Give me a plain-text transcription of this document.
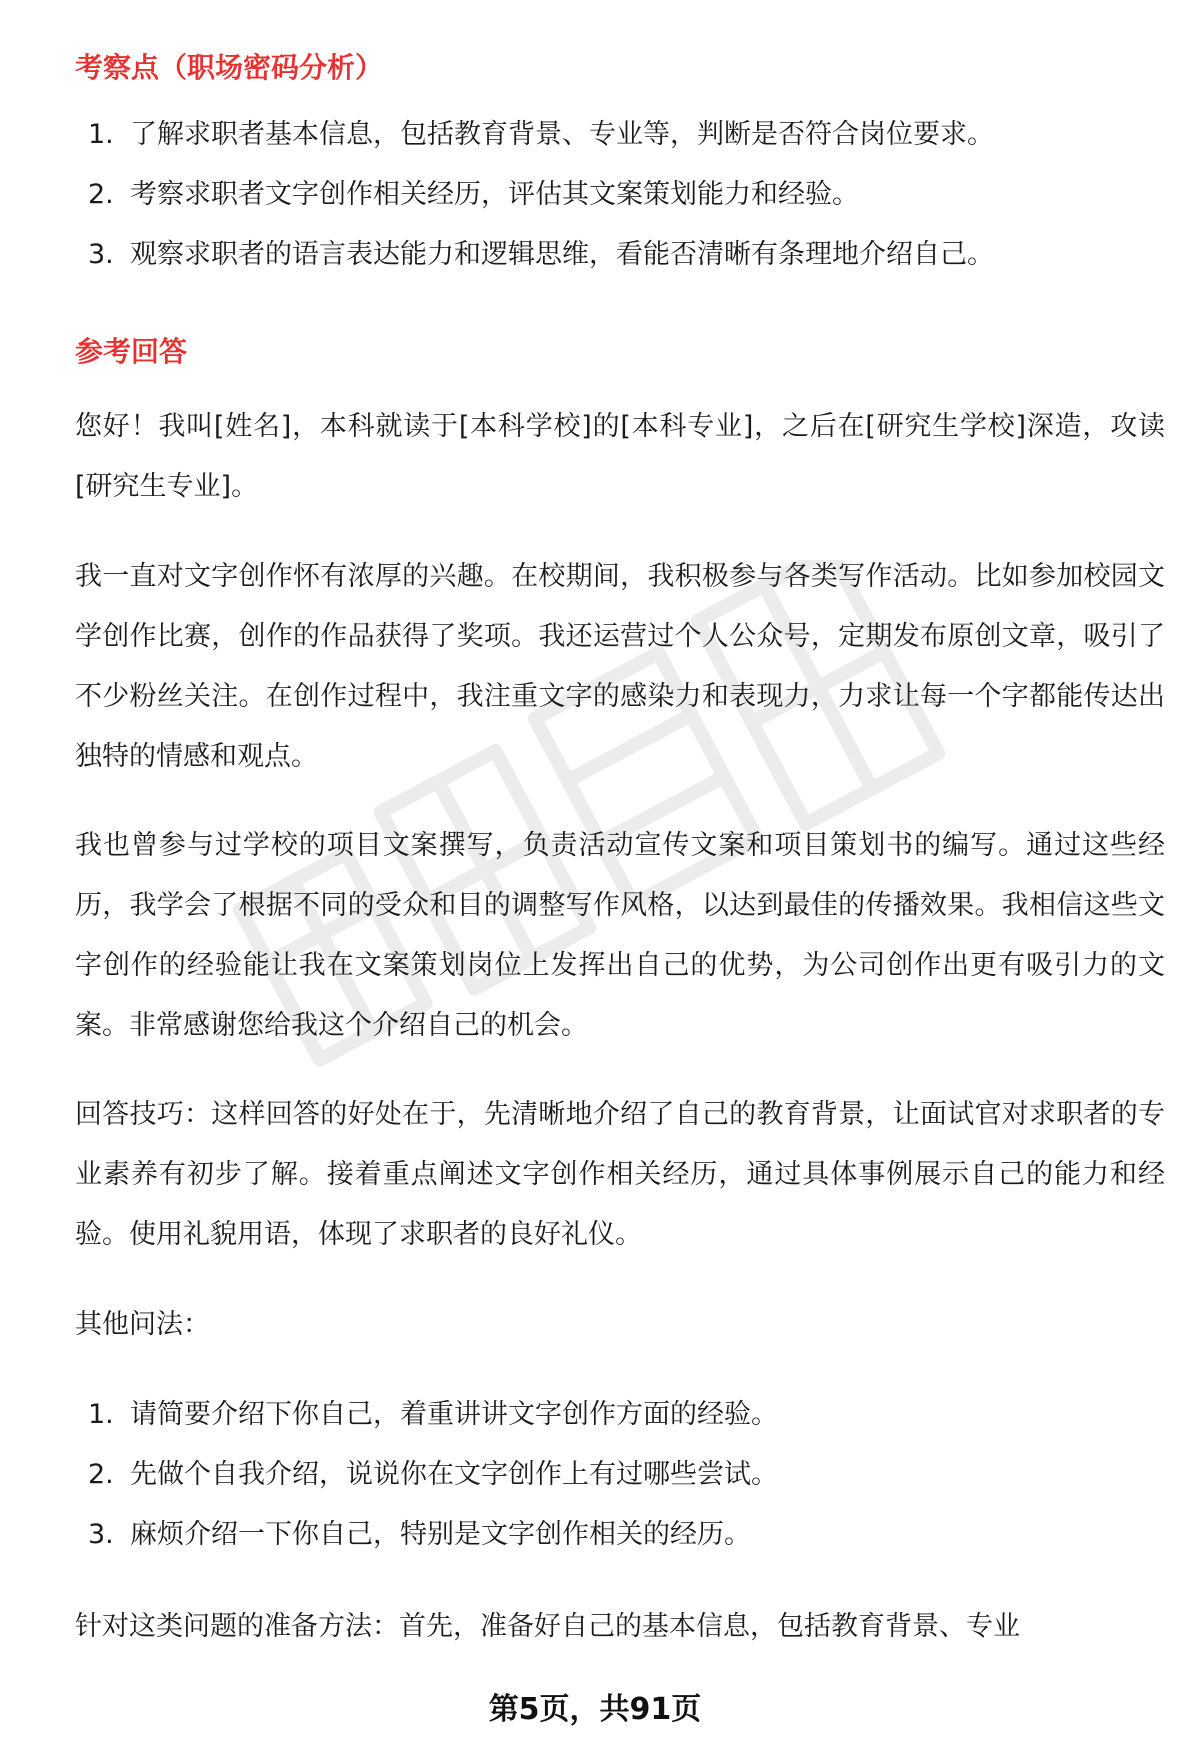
考察点（职场密码分析）
1. 了解求职者基本信息，包括教育背景、专业等，判断是否符合岗位要求。
2. 考察求职者文字创作相关经历，评估其文案策划能力和经验。
3. 观察求职者的语言表达能力和逻辑思维，看能否清晰有条理地介绍自己。
参考回答

您好！我叫[姓名]，本科就读于[本科学校]的[本科专业]，之后在[研究生学校]深造，攻读[研究生专业]。

我一直对文字创作怀有浓厚的兴趣。在校期间，我积极参与各类写作活动。比如参加校园文学创作比赛，创作的作品获得了奖项。我还运营过个人公众号，定期发布原创文章，吸引了不少粉丝关注。在创作过程中，我注重文字的感染力和表现力，力求让每一个字都能传达出独特的情感和观点。

我也曾参与过学校的项目文案撰写，负责活动宣传文案和项目策划书的编写。通过这些经历，我学会了根据不同的受众和目的调整写作风格，以达到最佳的传播效果。我相信这些文字创作的经验能让我在文案策划岗位上发挥出自己的优势，为公司创作出更有吸引力的文案。非常感谢您给我这个介绍自己的机会。

回答技巧：这样回答的好处在于，先清晰地介绍了自己的教育背景，让面试官对求职者的专业素养有初步了解。接着重点阐述文字创作相关经历，通过具体事例展示自己的能力和经验。使用礼貌用语，体现了求职者的良好礼仪。

其他问法：

1. 请简要介绍下你自己，着重讲讲文字创作方面的经验。
2. 先做个自我介绍，说说你在文字创作上有过哪些尝试。
3. 麻烦介绍一下你自己，特别是文字创作相关的经历。

针对这类问题的准备方法：首先，准备好自己的基本信息，包括教育背景、专业

第5页，共91页
